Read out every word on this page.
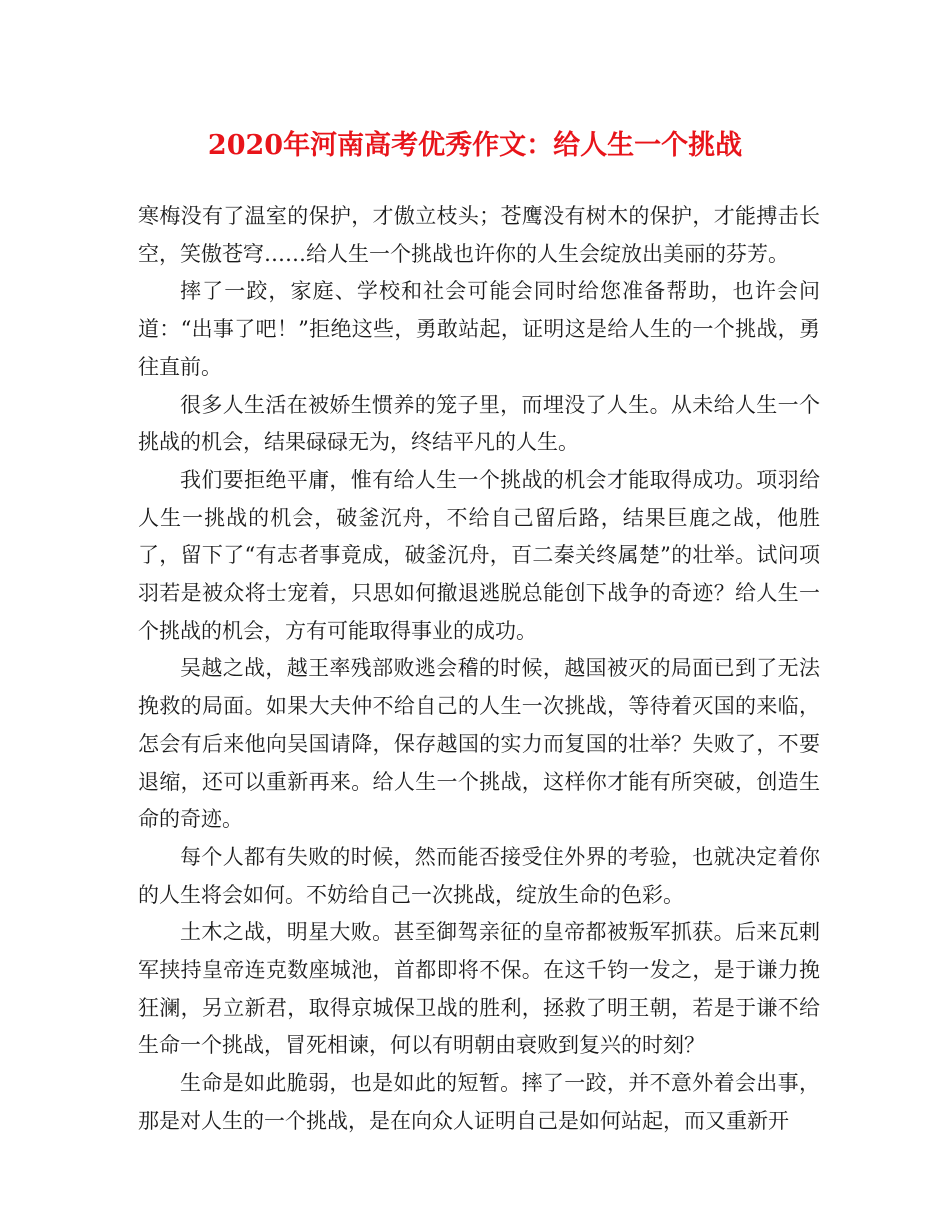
2020年河南高考优秀作文：给人生一个挑战

寒梅没有了温室的保护，才傲立枝头；苍鹰没有树木的保护，才能搏击长空，笑傲苍穹……给人生一个挑战也许你的人生会绽放出美丽的芬芳。

摔了一跤，家庭、学校和社会可能会同时给您准备帮助，也许会问道：“出事了吧！”拒绝这些，勇敢站起，证明这是给人生的一个挑战，勇往直前。

很多人生活在被娇生惯养的笼子里，而埋没了人生。从未给人生一个挑战的机会，结果碌碌无为，终结平凡的人生。

我们要拒绝平庸，惟有给人生一个挑战的机会才能取得成功。项羽给人生一挑战的机会，破釜沉舟，不给自己留后路，结果巨鹿之战，他胜了，留下了“有志者事竟成，破釜沉舟，百二秦关终属楚”的壮举。试问项羽若是被众将士宠着，只思如何撤退逃脱总能创下战争的奇迹？给人生一个挑战的机会，方有可能取得事业的成功。

吴越之战，越王率残部败逃会稽的时候，越国被灭的局面已到了无法挽救的局面。如果大夫仲不给自己的人生一次挑战，等待着灭国的来临，怎会有后来他向吴国请降，保存越国的实力而复国的壮举？失败了，不要退缩，还可以重新再来。给人生一个挑战，这样你才能有所突破，创造生命的奇迹。

每个人都有失败的时候，然而能否接受住外界的考验，也就决定着你的人生将会如何。不妨给自己一次挑战，绽放生命的色彩。

土木之战，明星大败。甚至御驾亲征的皇帝都被叛军抓获。后来瓦剌军挟持皇帝连克数座城池，首都即将不保。在这千钧一发之，是于谦力挽狂澜，另立新君，取得京城保卫战的胜利，拯救了明王朝，若是于谦不给生命一个挑战，冒死相谏，何以有明朝由衰败到复兴的时刻？

生命是如此脆弱，也是如此的短暂。摔了一跤，并不意外着会出事，那是对人生的一个挑战，是在向众人证明自己是如何站起，而又重新开
